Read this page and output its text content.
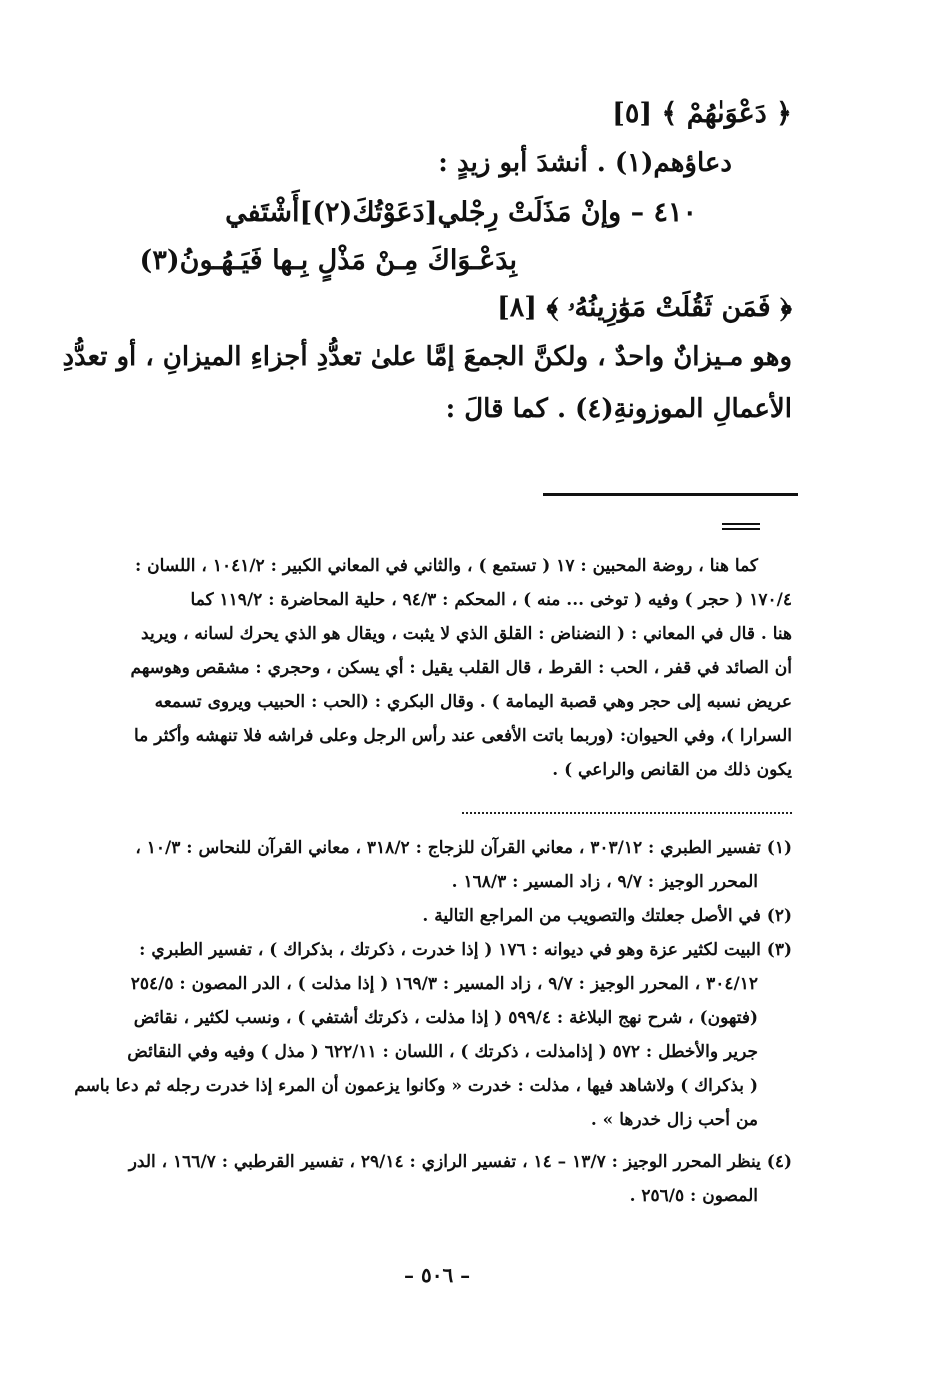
﴿ دَعْوَىٰهُمْ ﴾ [٥]
دعاؤهم(١) . أنشدَ أبو زيدٍ :
٤١٠ – وإنْ مَذَلَتْ رِجْلي[دَعَوْتُكَ(٢)]أَشْتَفي
بِدَعْـوَاكَ مِـنْ مَذْلٍ بِـها فَيَـهُـونُ(٣)
﴿ فَمَن ثَقُلَتْ مَوَٰزِينُهُۥ ﴾ [٨]
وهو مـيزانٌ واحدٌ ، ولكنَّ الجمعَ إمَّا علىٰ تعدُّدِ أجزاءِ الميزانِ ، أو تعدُّدِ
الأعمالِ الموزونةِ(٤) . كما قالَ :
كما هنا ، روضة المحبين : ١٧ ( تستمع ) ، والثاني في المعاني الكبير : ١٠٤١/٢ ، اللسان :
١٧٠/٤ ( حجر ) وفيه ( توخى ... منه ) ، المحكم : ٩٤/٣ ، حلية المحاضرة : ١١٩/٢ كما
هنا . قال في المعاني : ( النضناض : القلق الذي لا يثبت ، ويقال هو الذي يحرك لسانه ، ويريد
أن الصائد في قفر ، الحب : القرط ، قال القلب يقيل : أي يسكن ، وحجري : مشقص وهوسهم
عريض نسبه إلى حجر وهي قصبة اليمامة ) . وقال البكري : (الحب : الحبيب ويروى تسمعه
السرارا )، وفي الحيوان: (وربما باتت الأفعى عند رأس الرجل وعلى فراشه فلا تنهشه وأكثر ما
يكون ذلك من القانص والراعي ) .
(١) تفسير الطبري : ٣٠٣/١٢ ، معاني القرآن للزجاج : ٣١٨/٢ ، معاني القرآن للنحاس : ١٠/٣ ،
المحرر الوجيز : ٩/٧ ، زاد المسير : ١٦٨/٣ .
(٢) في الأصل جعلتك والتصويب من المراجع التالية .
(٣) البيت لكثير عزة وهو في ديوانه : ١٧٦ ( إذا خدرت ، ذكرتك ، بذكراك ) ، تفسير الطبري :
٣٠٤/١٢ ، المحرر الوجيز : ٩/٧ ، زاد المسير : ١٦٩/٣ ( إذا مذلت ) ، الدر المصون : ٢٥٤/٥
(فتهون) ، شرح نهج البلاغة : ٥٩٩/٤ ( إذا مذلت ، ذكرتك أشتفي ) ، ونسب لكثير ، نقائض
جرير والأخطل : ٥٧٢ ( إذامذلت ، ذكرتك ) ، اللسان : ٦٢٢/١١ ( مذل ) وفيه وفي النقائض
( بذكراك ) ولاشاهد فيها ، مذلت : خدرت « وكانوا يزعمون أن المرء إذا خدرت رجله ثم دعا باسم
من أحب زال خدرها » .
(٤) ينظر المحرر الوجيز : ١٣/٧ – ١٤ ، تفسير الرازي : ٢٩/١٤ ، تفسير القرطبي : ١٦٦/٧ ، الدر
المصون : ٢٥٦/٥ .
– ٥٠٦ –
